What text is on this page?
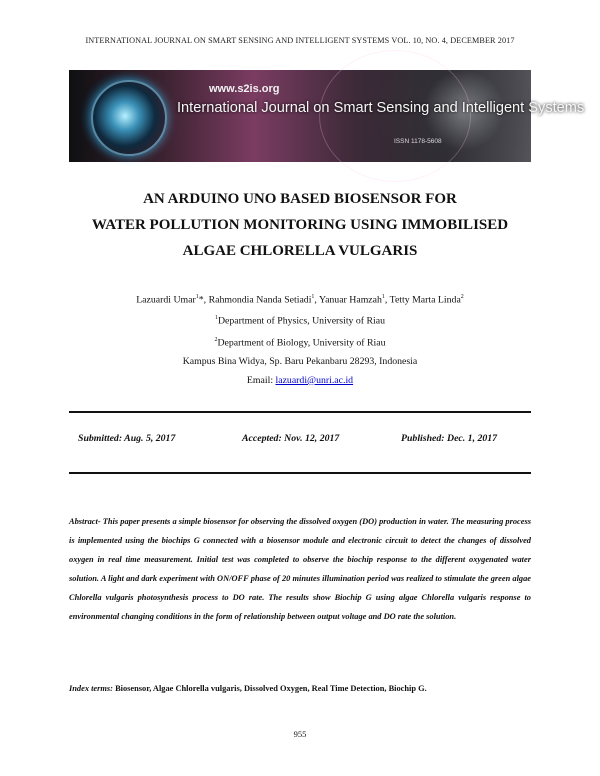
INTERNATIONAL JOURNAL ON SMART SENSING AND INTELLIGENT SYSTEMS VOL. 10, NO. 4, DECEMBER 2017
www.s2is.org
International Journal on Smart Sensing and Intelligent Systems
ISSN 1178-5608
AN ARDUINO UNO BASED BIOSENSOR FOR
WATER POLLUTION MONITORING USING IMMOBILISED
ALGAE CHLORELLA VULGARIS
Lazuardi Umar$^1$*, Rahmondia Nanda Setiadi$^1$, Yanuar Hamzah$^1$, Tetty Marta Linda$^2$
$^1$Department of Physics, University of Riau
$^2$Department of Biology, University of Riau
Kampus Bina Widya, Sp. Baru Pekanbaru 28293, Indonesia
Email: lazuardi@unri.ac.id
Submitted: Aug. 5, 2017	Accepted: Nov. 12, 2017	Published: Dec. 1, 2017
Abstract- This paper presents a simple biosensor for observing the dissolved oxygen (DO) production in water. The measuring process is implemented using the biochips G connected with a biosensor module and electronic circuit to detect the changes of dissolved oxygen in real time measurement. Initial test was completed to observe the biochip response to the different oxygenated water solution. A light and dark experiment with ON/OFF phase of 20 minutes illumination period was realized to stimulate the green algae Chlorella vulgaris photosynthesis process to DO rate. The results show Biochip G using algae Chlorella vulgaris response to environmental changing conditions in the form of relationship between output voltage and DO rate the solution.
Index terms: Biosensor, Algae Chlorella vulgaris, Dissolved Oxygen, Real Time Detection, Biochip G.
955
